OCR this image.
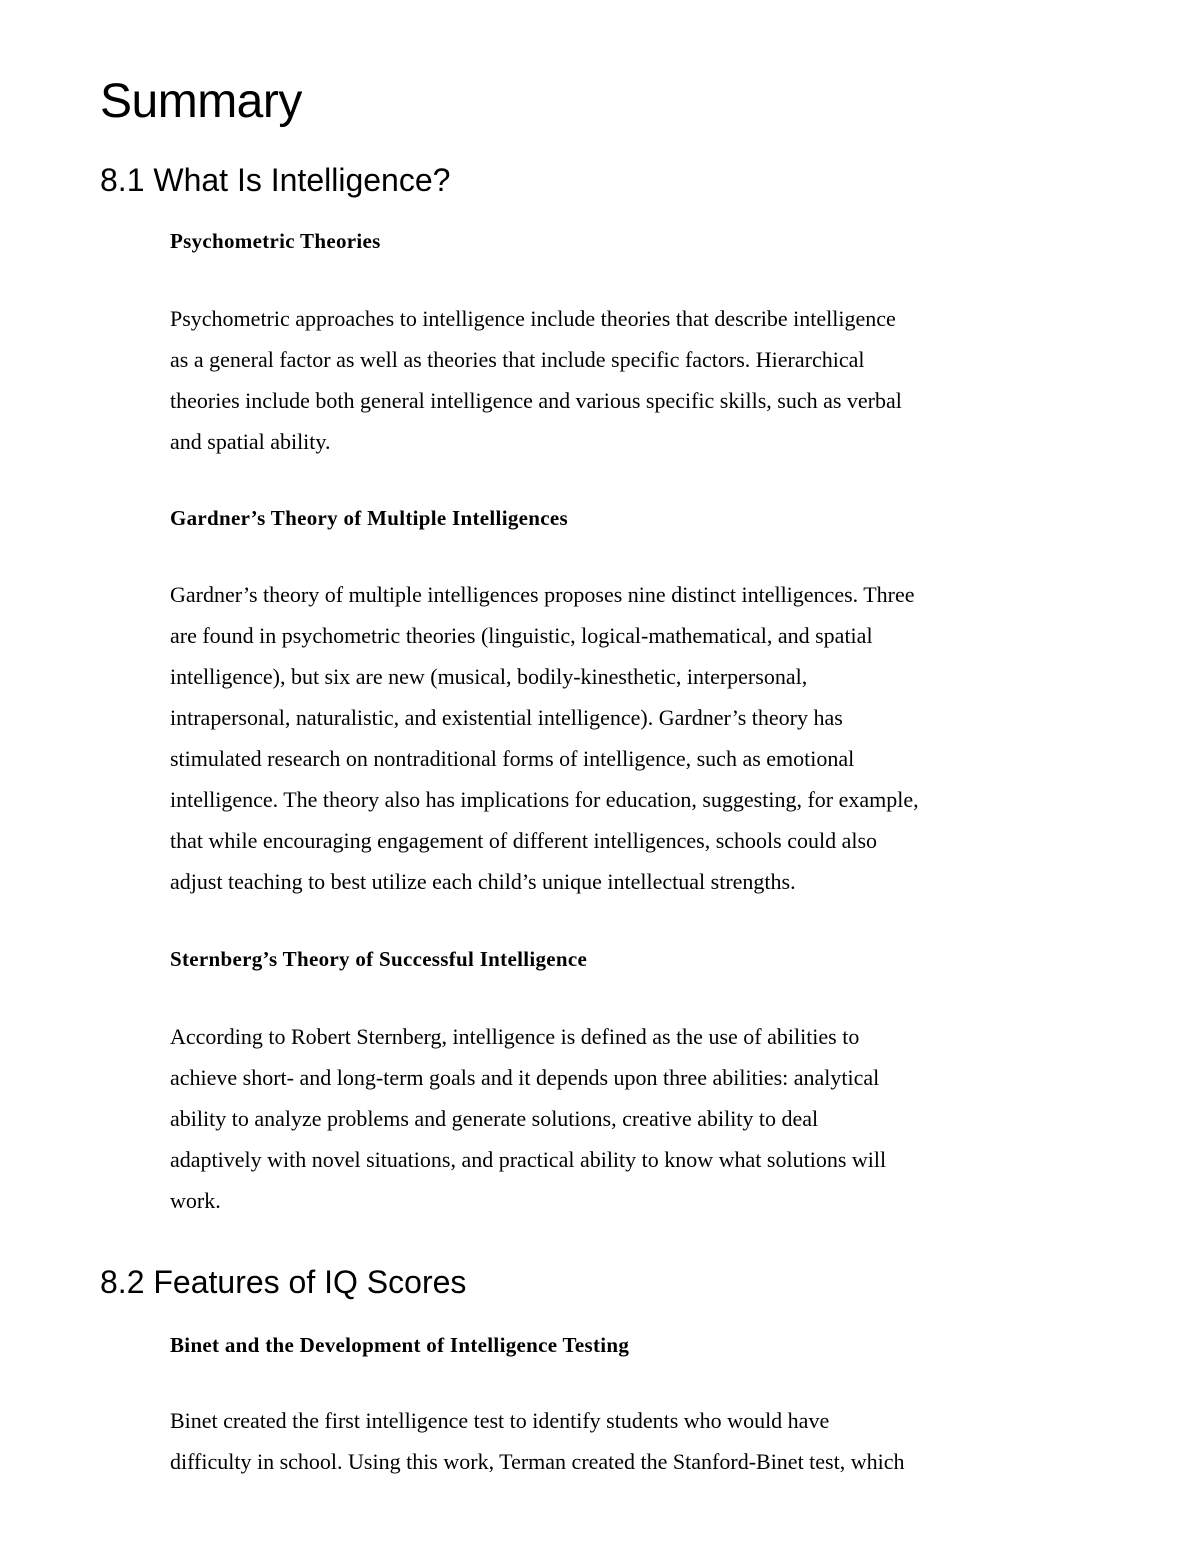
Summary
8.1 What Is Intelligence?
Psychometric Theories
Psychometric approaches to intelligence include theories that describe intelligence
as a general factor as well as theories that include specific factors. Hierarchical
theories include both general intelligence and various specific skills, such as verbal
and spatial ability.
Gardner’s Theory of Multiple Intelligences
Gardner’s theory of multiple intelligences proposes nine distinct intelligences. Three
are found in psychometric theories (linguistic, logical-mathematical, and spatial
intelligence), but six are new (musical, bodily-kinesthetic, interpersonal,
intrapersonal, naturalistic, and existential intelligence). Gardner’s theory has
stimulated research on nontraditional forms of intelligence, such as emotional
intelligence. The theory also has implications for education, suggesting, for example,
that while encouraging engagement of different intelligences, schools could also
adjust teaching to best utilize each child’s unique intellectual strengths.
Sternberg’s Theory of Successful Intelligence
According to Robert Sternberg, intelligence is defined as the use of abilities to
achieve short- and long-term goals and it depends upon three abilities: analytical
ability to analyze problems and generate solutions, creative ability to deal
adaptively with novel situations, and practical ability to know what solutions will
work.
8.2 Features of IQ Scores
Binet and the Development of Intelligence Testing
Binet created the first intelligence test to identify students who would have
difficulty in school. Using this work, Terman created the Stanford-Binet test, which
